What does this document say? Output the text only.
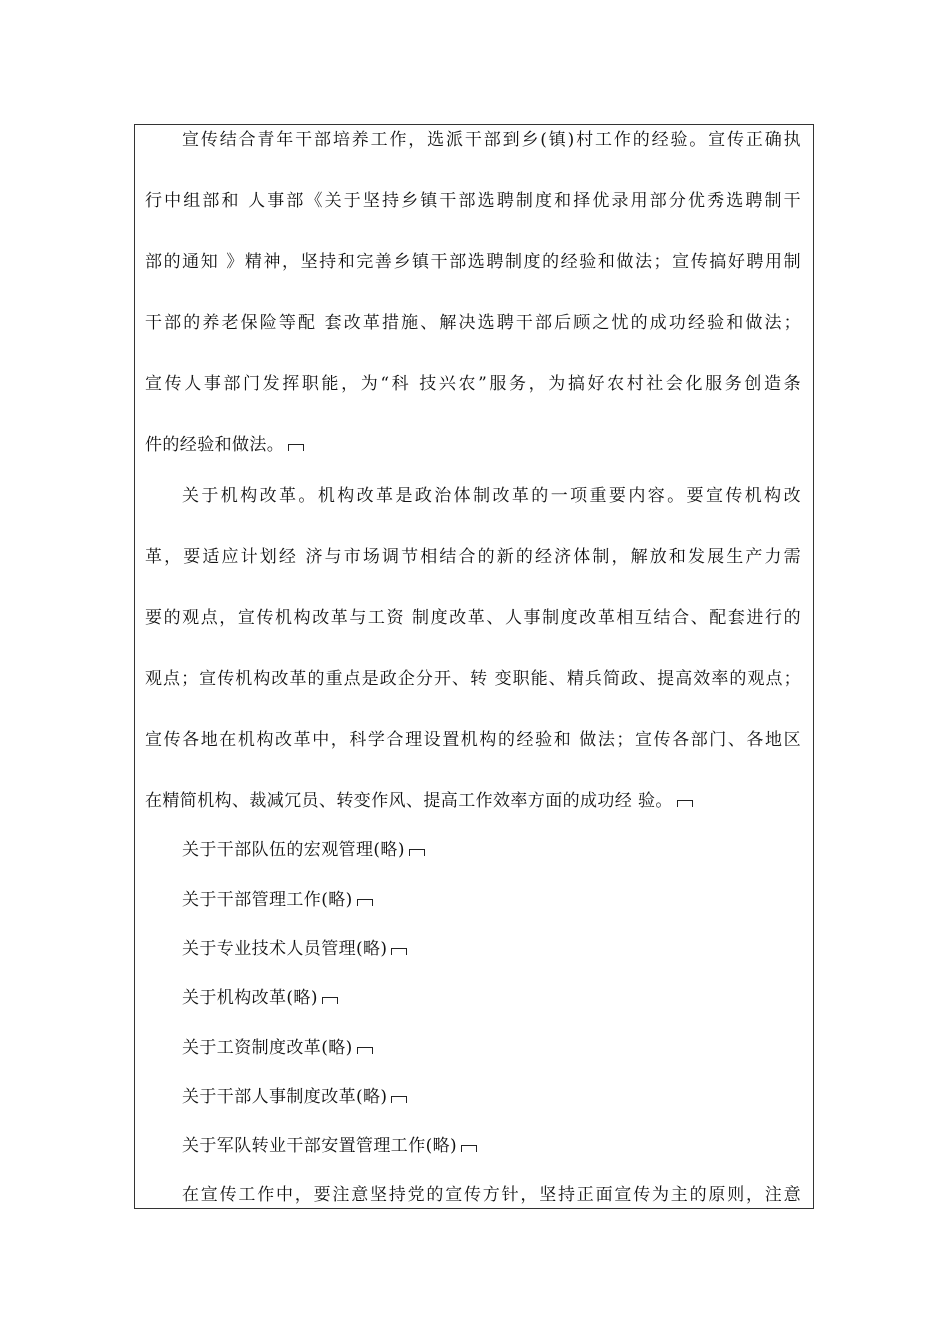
宣传结合青年干部培养工作，选派干部到乡(镇)村工作的经验。宣传正确执
行中组部和 人事部《关于坚持乡镇干部选聘制度和择优录用部分优秀选聘制干
部的通知 》精神，坚持和完善乡镇干部选聘制度的经验和做法；宣传搞好聘用制
干部的养老保险等配 套改革措施、解决选聘干部后顾之忧的成功经验和做法；
宣传人事部门发挥职能，为“科 技兴农”服务，为搞好农村社会化服务创造条
件的经验和做法。
关于机构改革。机构改革是政治体制改革的一项重要内容。要宣传机构改
革，要适应计划经 济与市场调节相结合的新的经济体制，解放和发展生产力需
要的观点，宣传机构改革与工资 制度改革、人事制度改革相互结合、配套进行的
观点；宣传机构改革的重点是政企分开、转 变职能、精兵简政、提高效率的观点；
宣传各地在机构改革中，科学合理设置机构的经验和 做法；宣传各部门、各地区
在精简机构、裁减冗员、转变作风、提高工作效率方面的成功经 验。
关于干部队伍的宏观管理(略)
关于干部管理工作(略)
关于专业技术人员管理(略)
关于机构改革(略)
关于工资制度改革(略)
关于干部人事制度改革(略)
关于军队转业干部安置管理工作(略)
在宣传工作中，要注意坚持党的宣传方针，坚持正面宣传为主的原则，注意
